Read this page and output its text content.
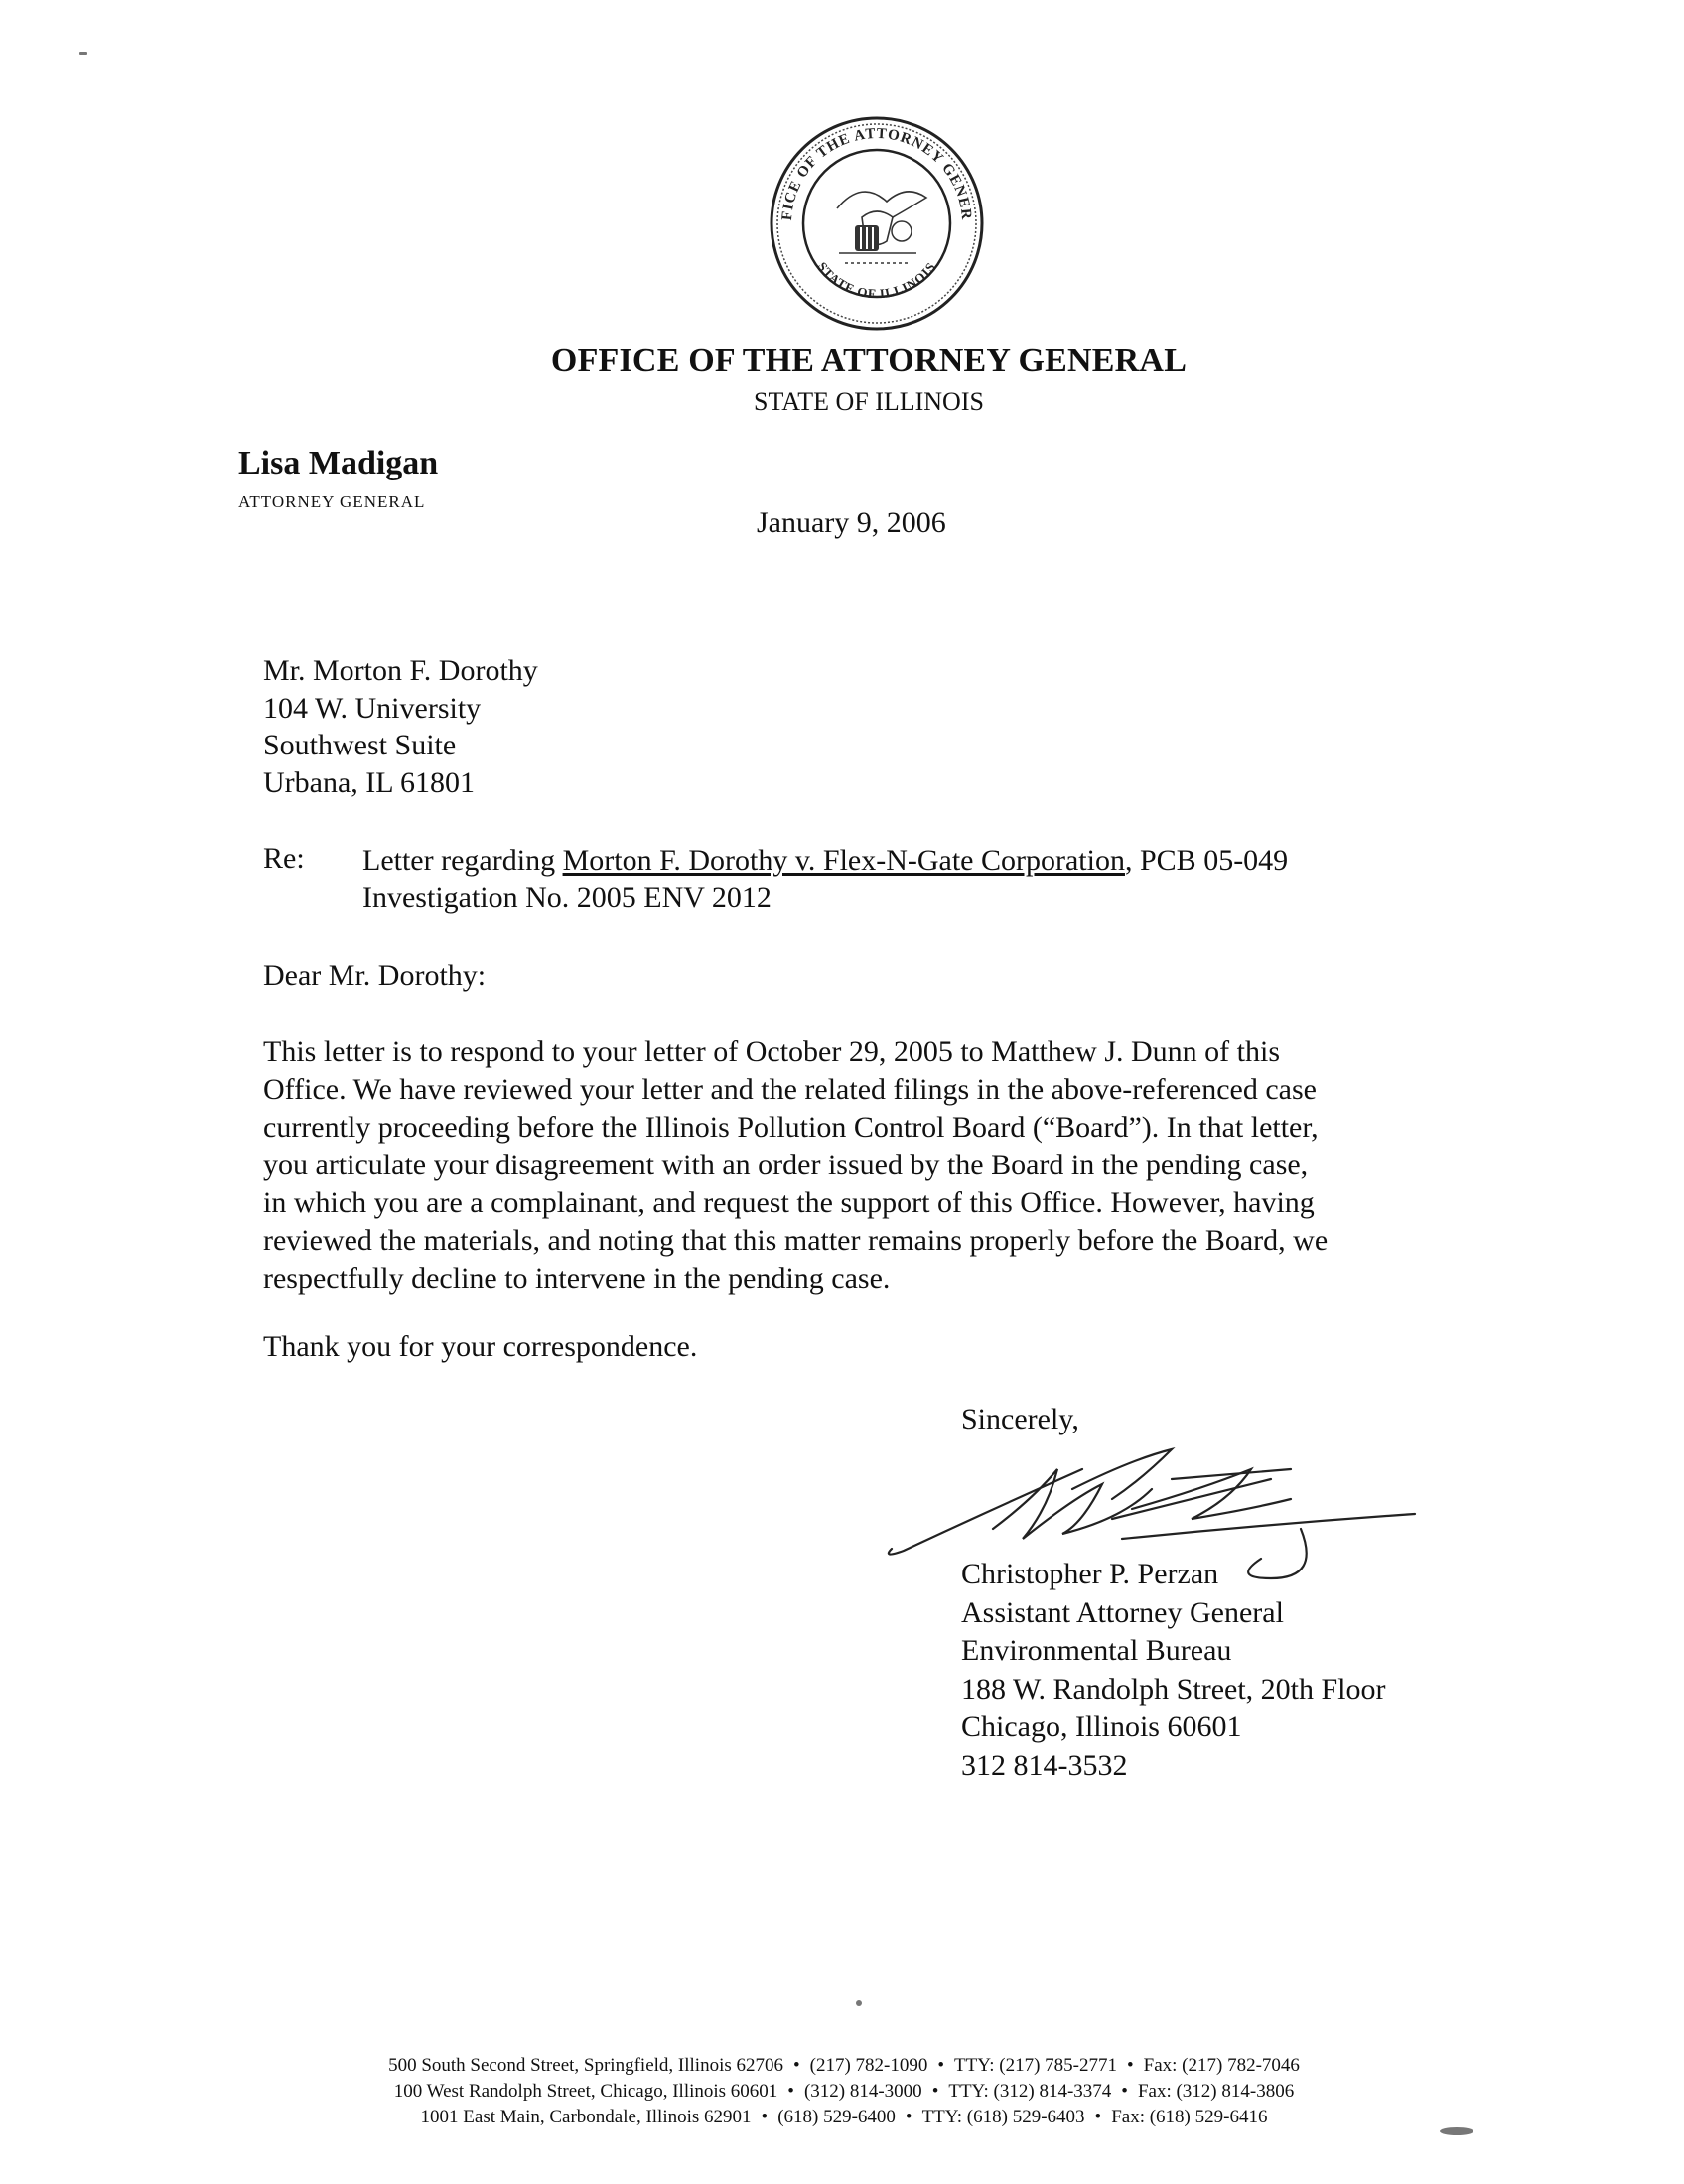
FICE OF THE ATTORNEY GENER
STATE OF ILLINOIS
OFFICE OF THE ATTORNEY GENERAL
STATE OF ILLINOIS
Lisa Madigan
ATTORNEY GENERAL
January 9, 2006
Mr. Morton F. Dorothy
104 W. University
Southwest Suite
Urbana, IL 61801
Re: Letter regarding Morton F. Dorothy v. Flex-N-Gate Corporation, PCB 05-049
Investigation No. 2005 ENV 2012
Dear Mr. Dorothy:
This letter is to respond to your letter of October 29, 2005 to Matthew J. Dunn of this
Office. We have reviewed your letter and the related filings in the above-referenced case
currently proceeding before the Illinois Pollution Control Board (“Board”). In that letter,
you articulate your disagreement with an order issued by the Board in the pending case,
in which you are a complainant, and request the support of this Office. However, having
reviewed the materials, and noting that this matter remains properly before the Board, we
respectfully decline to intervene in the pending case.
Thank you for your correspondence.
Sincerely,
Christopher P. Perzan
Assistant Attorney General
Environmental Bureau
188 W. Randolph Street, 20th Floor
Chicago, Illinois 60601
312 814-3532
500 South Second Street, Springfield, Illinois 62706 • (217) 782-1090 • TTY: (217) 785-2771 • Fax: (217) 782-7046
100 West Randolph Street, Chicago, Illinois 60601 • (312) 814-3000 • TTY: (312) 814-3374 • Fax: (312) 814-3806
1001 East Main, Carbondale, Illinois 62901 • (618) 529-6400 • TTY: (618) 529-6403 • Fax: (618) 529-6416
